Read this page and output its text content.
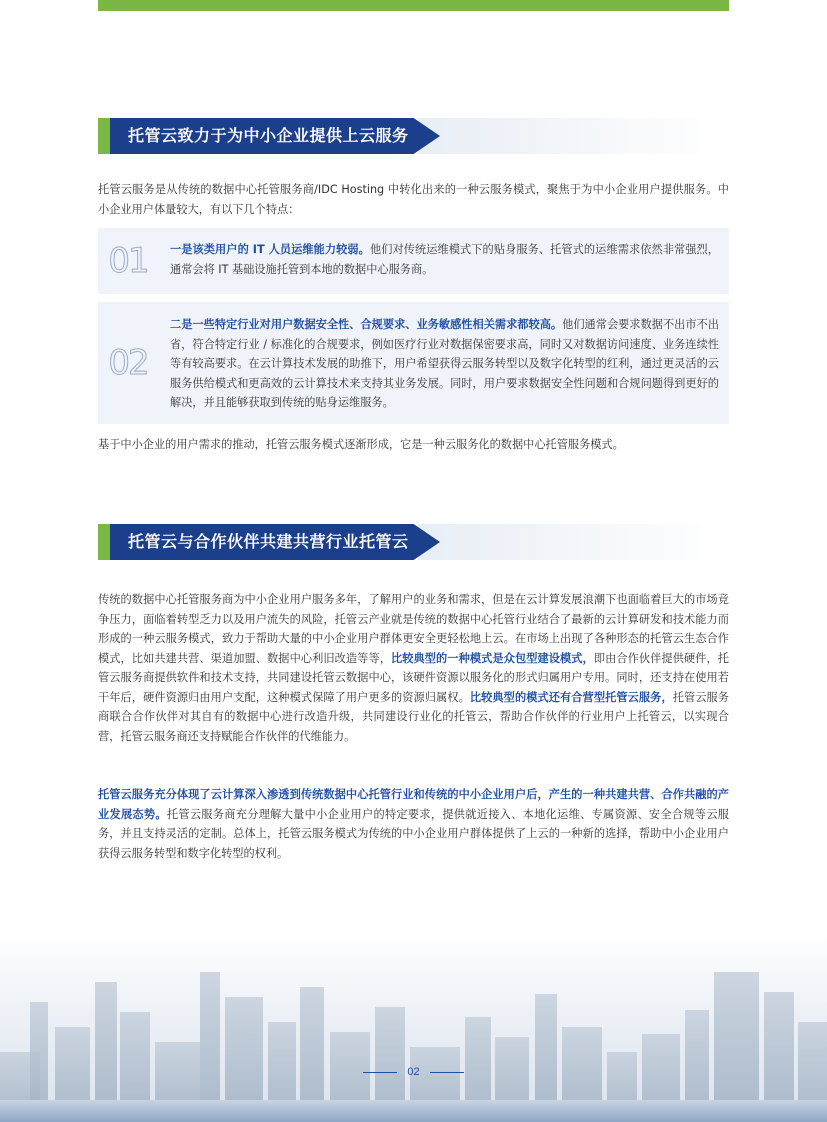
托管云致力于为中小企业提供上云服务

托管云服务是从传统的数据中心托管服务商/IDC Hosting 中转化出来的一种云服务模式，聚焦于为中小企业用户提供服务。中小企业用户体量较大，有以下几个特点：

01 一是该类用户的 IT 人员运维能力较弱。他们对传统运维模式下的贴身服务、托管式的运维需求依然非常强烈，通常会将 IT 基础设施托管到本地的数据中心服务商。
02
二是一些特定行业对用户数据安全性、合规要求、业务敏感性相关需求都较高。他们通常会要求数据不出市不出省，符合特定行业 / 标准化的合规要求，例如医疗行业对数据保密要求高，同时又对数据访问速度、业务连续性等有较高要求。在云计算技术发展的助推下，用户希望获得云服务转型以及数字化转型的红利，通过更灵活的云服务供给模式和更高效的云计算技术来支持其业务发展。同时，用户要求数据安全性问题和合规问题得到更好的解决，并且能够获取到传统的贴身运维服务。

基于中小企业的用户需求的推动，托管云服务模式逐渐形成，它是一种云服务化的数据中心托管服务模式。

托管云与合作伙伴共建共营行业托管云

传统的数据中心托管服务商为中小企业用户服务多年，了解用户的业务和需求，但是在云计算发展浪潮下也面临着巨大的市场竞争压力，面临着转型乏力以及用户流失的风险，托管云产业就是传统的数据中心托管行业结合了最新的云计算研发和技术能力而形成的一种云服务模式，致力于帮助大量的中小企业用户群体更安全更轻松地上云。在市场上出现了各种形态的托管云生态合作模式，比如共建共营、渠道加盟、数据中心利旧改造等等，比较典型的一种模式是众包型建设模式，即由合作伙伴提供硬件，托管云服务商提供软件和技术支持，共同建设托管云数据中心，该硬件资源以服务化的形式归属用户专用。同时，还支持在使用若干年后，硬件资源归由用户支配，这种模式保障了用户更多的资源归属权。比较典型的模式还有合营型托管云服务，托管云服务商联合合作伙伴对其自有的数据中心进行改造升级，共同建设行业化的托管云，帮助合作伙伴的行业用户上托管云，以实现合营，托管云服务商还支持赋能合作伙伴的代维能力。

托管云服务充分体现了云计算深入渗透到传统数据中心托管行业和传统的中小企业用户后，产生的一种共建共营、合作共融的产业发展态势。托管云服务商充分理解大量中小企业用户的特定要求，提供就近接入、本地化运维、专属资源、安全合规等云服务，并且支持灵活的定制。总体上，托管云服务模式为传统的中小企业用户群体提供了上云的一种新的选择，帮助中小企业用户获得云服务转型和数字化转型的权利。

02
